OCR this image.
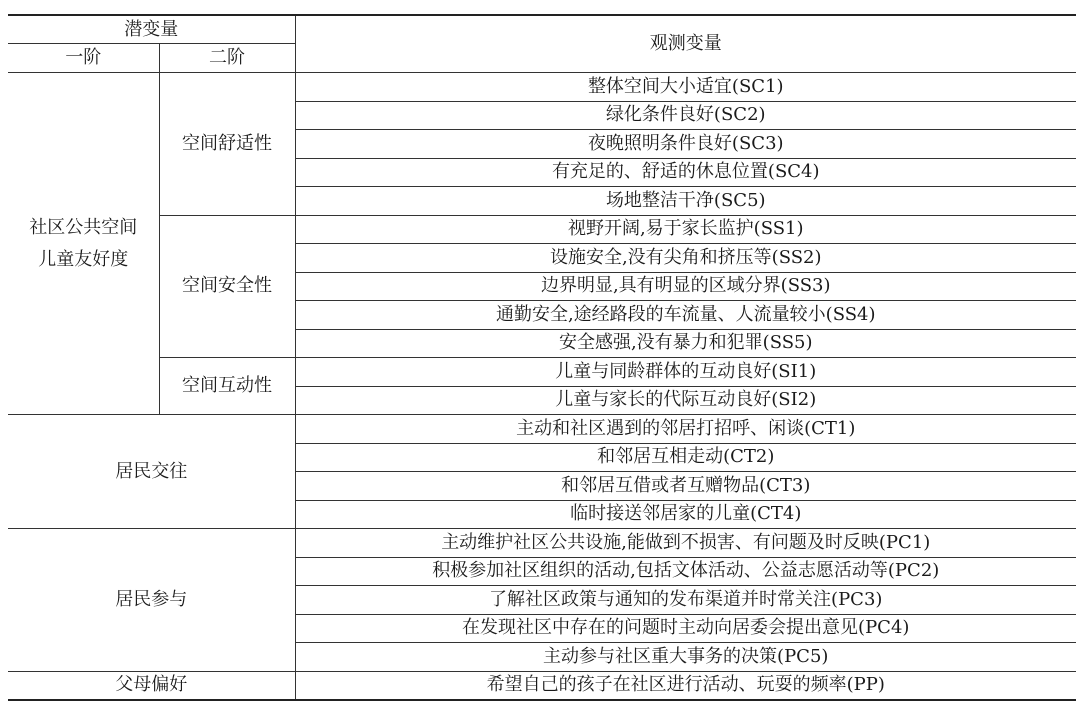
潜变量		观测变量
一阶	二阶	

社区公共空间
儿童友好度	空间舒适性	整体空间大小适宜(SC1)
		绿化条件良好(SC2)
		夜晚照明条件良好(SC3)
		有充足的、舒适的休息位置(SC4)
		场地整洁干净(SC5)
	空间安全性	视野开阔,易于家长监护(SS1)
		设施安全,没有尖角和挤压等(SS2)
		边界明显,具有明显的区域分界(SS3)
		通勤安全,途经路段的车流量、人流量较小(SS4)
		安全感强,没有暴力和犯罪(SS5)
	空间互动性	儿童与同龄群体的互动良好(SI1)
		儿童与家长的代际互动良好(SI2)
居民交往		主动和社区遇到的邻居打招呼、闲谈(CT1)
		和邻居互相走动(CT2)
		和邻居互借或者互赠物品(CT3)
		临时接送邻居家的儿童(CT4)
居民参与		主动维护社区公共设施,能做到不损害、有问题及时反映(PC1)
		积极参加社区组织的活动,包括文体活动、公益志愿活动等(PC2)
		了解社区政策与通知的发布渠道并时常关注(PC3)
		在发现社区中存在的问题时主动向居委会提出意见(PC4)
		主动参与社区重大事务的决策(PC5)
父母偏好		希望自己的孩子在社区进行活动、玩耍的频率(PP)
